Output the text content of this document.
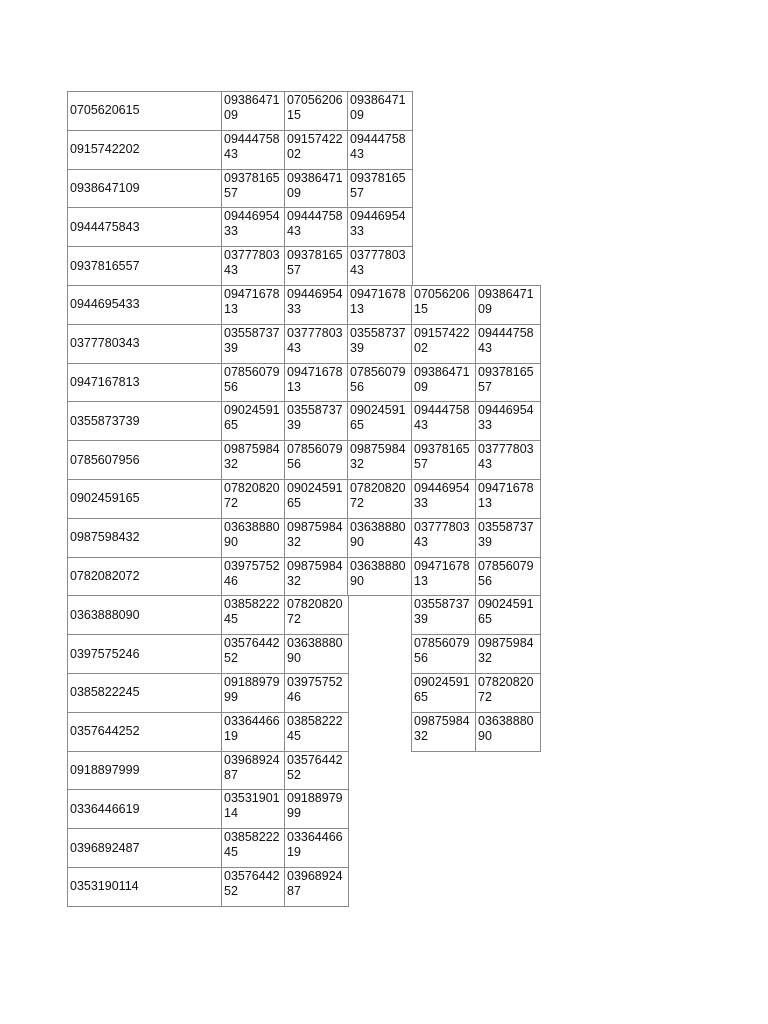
0705620615
09386471
09
07056206
15
09386471
09
0915742202
09444758
43
09157422
02
09444758
43
0938647109
09378165
57
09386471
09
09378165
57
0944475843
09446954
33
09444758
43
09446954
33
0937816557
03777803
43
09378165
57
03777803
43
0944695433
09471678
13
09446954
33
09471678
13
07056206
15
09386471
09
0377780343
03558737
39
03777803
43
03558737
39
09157422
02
09444758
43
0947167813
07856079
56
09471678
13
07856079
56
09386471
09
09378165
57
0355873739
09024591
65
03558737
39
09024591
65
09444758
43
09446954
33
0785607956
09875984
32
07856079
56
09875984
32
09378165
57
03777803
43
0902459165
07820820
72
09024591
65
07820820
72
09446954
33
09471678
13
0987598432
03638880
90
09875984
32
03638880
90
03777803
43
03558737
39
0782082072
03975752
46
09875984
32
03638880
90
09471678
13
07856079
56
0363888090
03858222
45
07820820
72
03558737
39
09024591
65
0397575246
03576442
52
03638880
90
07856079
56
09875984
32
0385822245
09188979
99
03975752
46
09024591
65
07820820
72
0357644252
03364466
19
03858222
45
09875984
32
03638880
90
0918897999
03968924
87
03576442
52
0336446619
03531901
14
09188979
99
0396892487
03858222
45
03364466
19
0353190114
03576442
52
03968924
87
